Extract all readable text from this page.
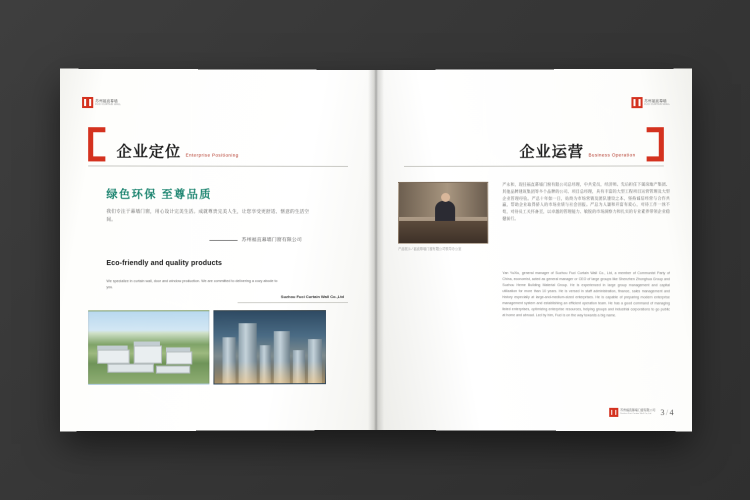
苏州福直幕墙
FUCI CURTAIN WALL
企业定位 Enterprise Positioning
绿色环保 至尊品质
我们专注于幕墙门窗，用心设计完美生活。成就尊贵完美人生，让您享受更舒适、惬意的生活空间。
苏州福直幕墙门窗有限公司
Eco-friendly and quality products
We specialize in curtain wall, door and window production. We are committed to delivering a cozy abode to you.
Suzhou Fuci Curtain Wall Co.,Ltd
苏州福直幕墙
FUCI CURTAIN WALL
企业运营 Business Operation
产品展示 / 福直幕墙门窗有限公司领导办公室
严永和，现任福直幕墙门窗有限公司总经理，中共党员，经济师。先后担任下属房地产集团、其他品牌建筑集团等多个品牌的公司、项目总经理，具有丰富的大型工程项目运营管理及大型企业管理经验。严总十年如一日，始终为市场营销及团队建设之本，坚持诚信经营与合作共赢，帮助企业取得骄人的市场业绩与社会回报。严总为人谦和并富有爱心，对待工作一丝不苟，对待员工关怀备至，以卓越的管理能力、敏锐的市场洞察力和扎实的专业素养带领企业稳健前行。
Yan YuXiu, general manager of Suzhou Fuci Curtain Wall Co., Ltd, a member of Communist Party of China, economist, acted as general manager or CEO of large groups like Shenzhen Zhonghua Group and Suzhou Heme Building Material Group. He is experienced in large group management and capital utilization for more than 10 years. He is versed in staff administration, finance, sales management and history especially at large-and-medium-sized enterprises. He is capable of preparing modern enterprise management system and establishing an efficient operation team. He has a good command of managing listed enterprises, optimizing enterprise resources, helping groups and industrial corporations to go public at home and abroad. Led by him, Fuci is on the way towards a big name.
苏州福直幕墙门窗有限公司
Suzhou Fuci Curtain Wall Co.,Ltd	3/4
